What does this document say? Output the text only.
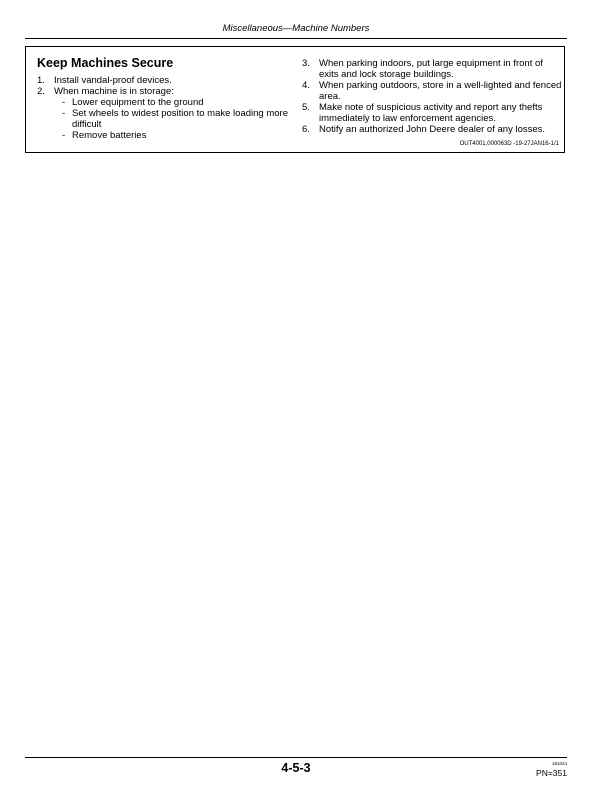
Miscellaneous—Machine Numbers
Keep Machines Secure
1. Install vandal-proof devices.
2. When machine is in storage:
- Lower equipment to the ground
- Set wheels to widest position to make loading more difficult
- Remove batteries
3. When parking indoors, put large equipment in front of exits and lock storage buildings.
4. When parking outdoors, store in a well-lighted and fenced area.
5. Make note of suspicious activity and report any thefts immediately to law enforcement agencies.
6. Notify an authorized John Deere dealer of any losses.
OUT4001,000063D -19-27JAN16-1/1
4-5-3	181024
PN=351
